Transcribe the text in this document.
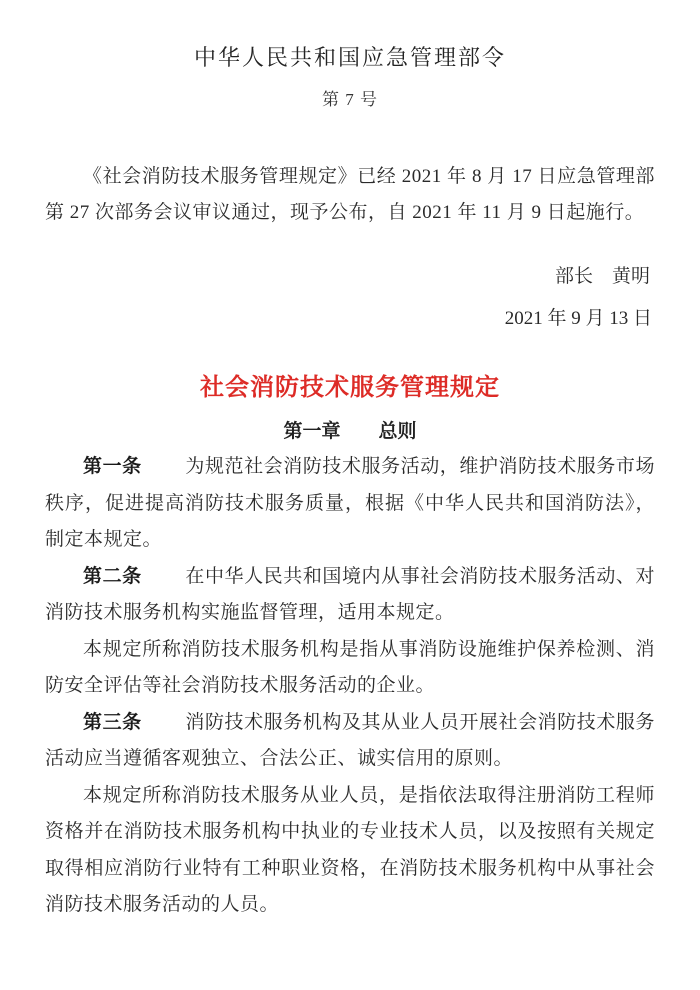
中华人民共和国应急管理部令
第 7 号

《社会消防技术服务管理规定》已经 2021 年 8 月 17 日应急管理部第 27 次部务会议审议通过，现予公布，自 2021 年 11 月 9 日起施行。

部长　黄明
2021 年 9 月 13 日
社会消防技术服务管理规定
第一章　　总则

第一条 为规范社会消防技术服务活动，维护消防技术服务市场秩序，促进提高消防技术服务质量，根据《中华人民共和国消防法》，制定本规定。

第二条 在中华人民共和国境内从事社会消防技术服务活动、对消防技术服务机构实施监督管理，适用本规定。

本规定所称消防技术服务机构是指从事消防设施维护保养检测、消防安全评估等社会消防技术服务活动的企业。

第三条 消防技术服务机构及其从业人员开展社会消防技术服务活动应当遵循客观独立、合法公正、诚实信用的原则。

本规定所称消防技术服务从业人员，是指依法取得注册消防工程师资格并在消防技术服务机构中执业的专业技术人员，以及按照有关规定取得相应消防行业特有工种职业资格，在消防技术服务机构中从事社会消防技术服务活动的人员。
